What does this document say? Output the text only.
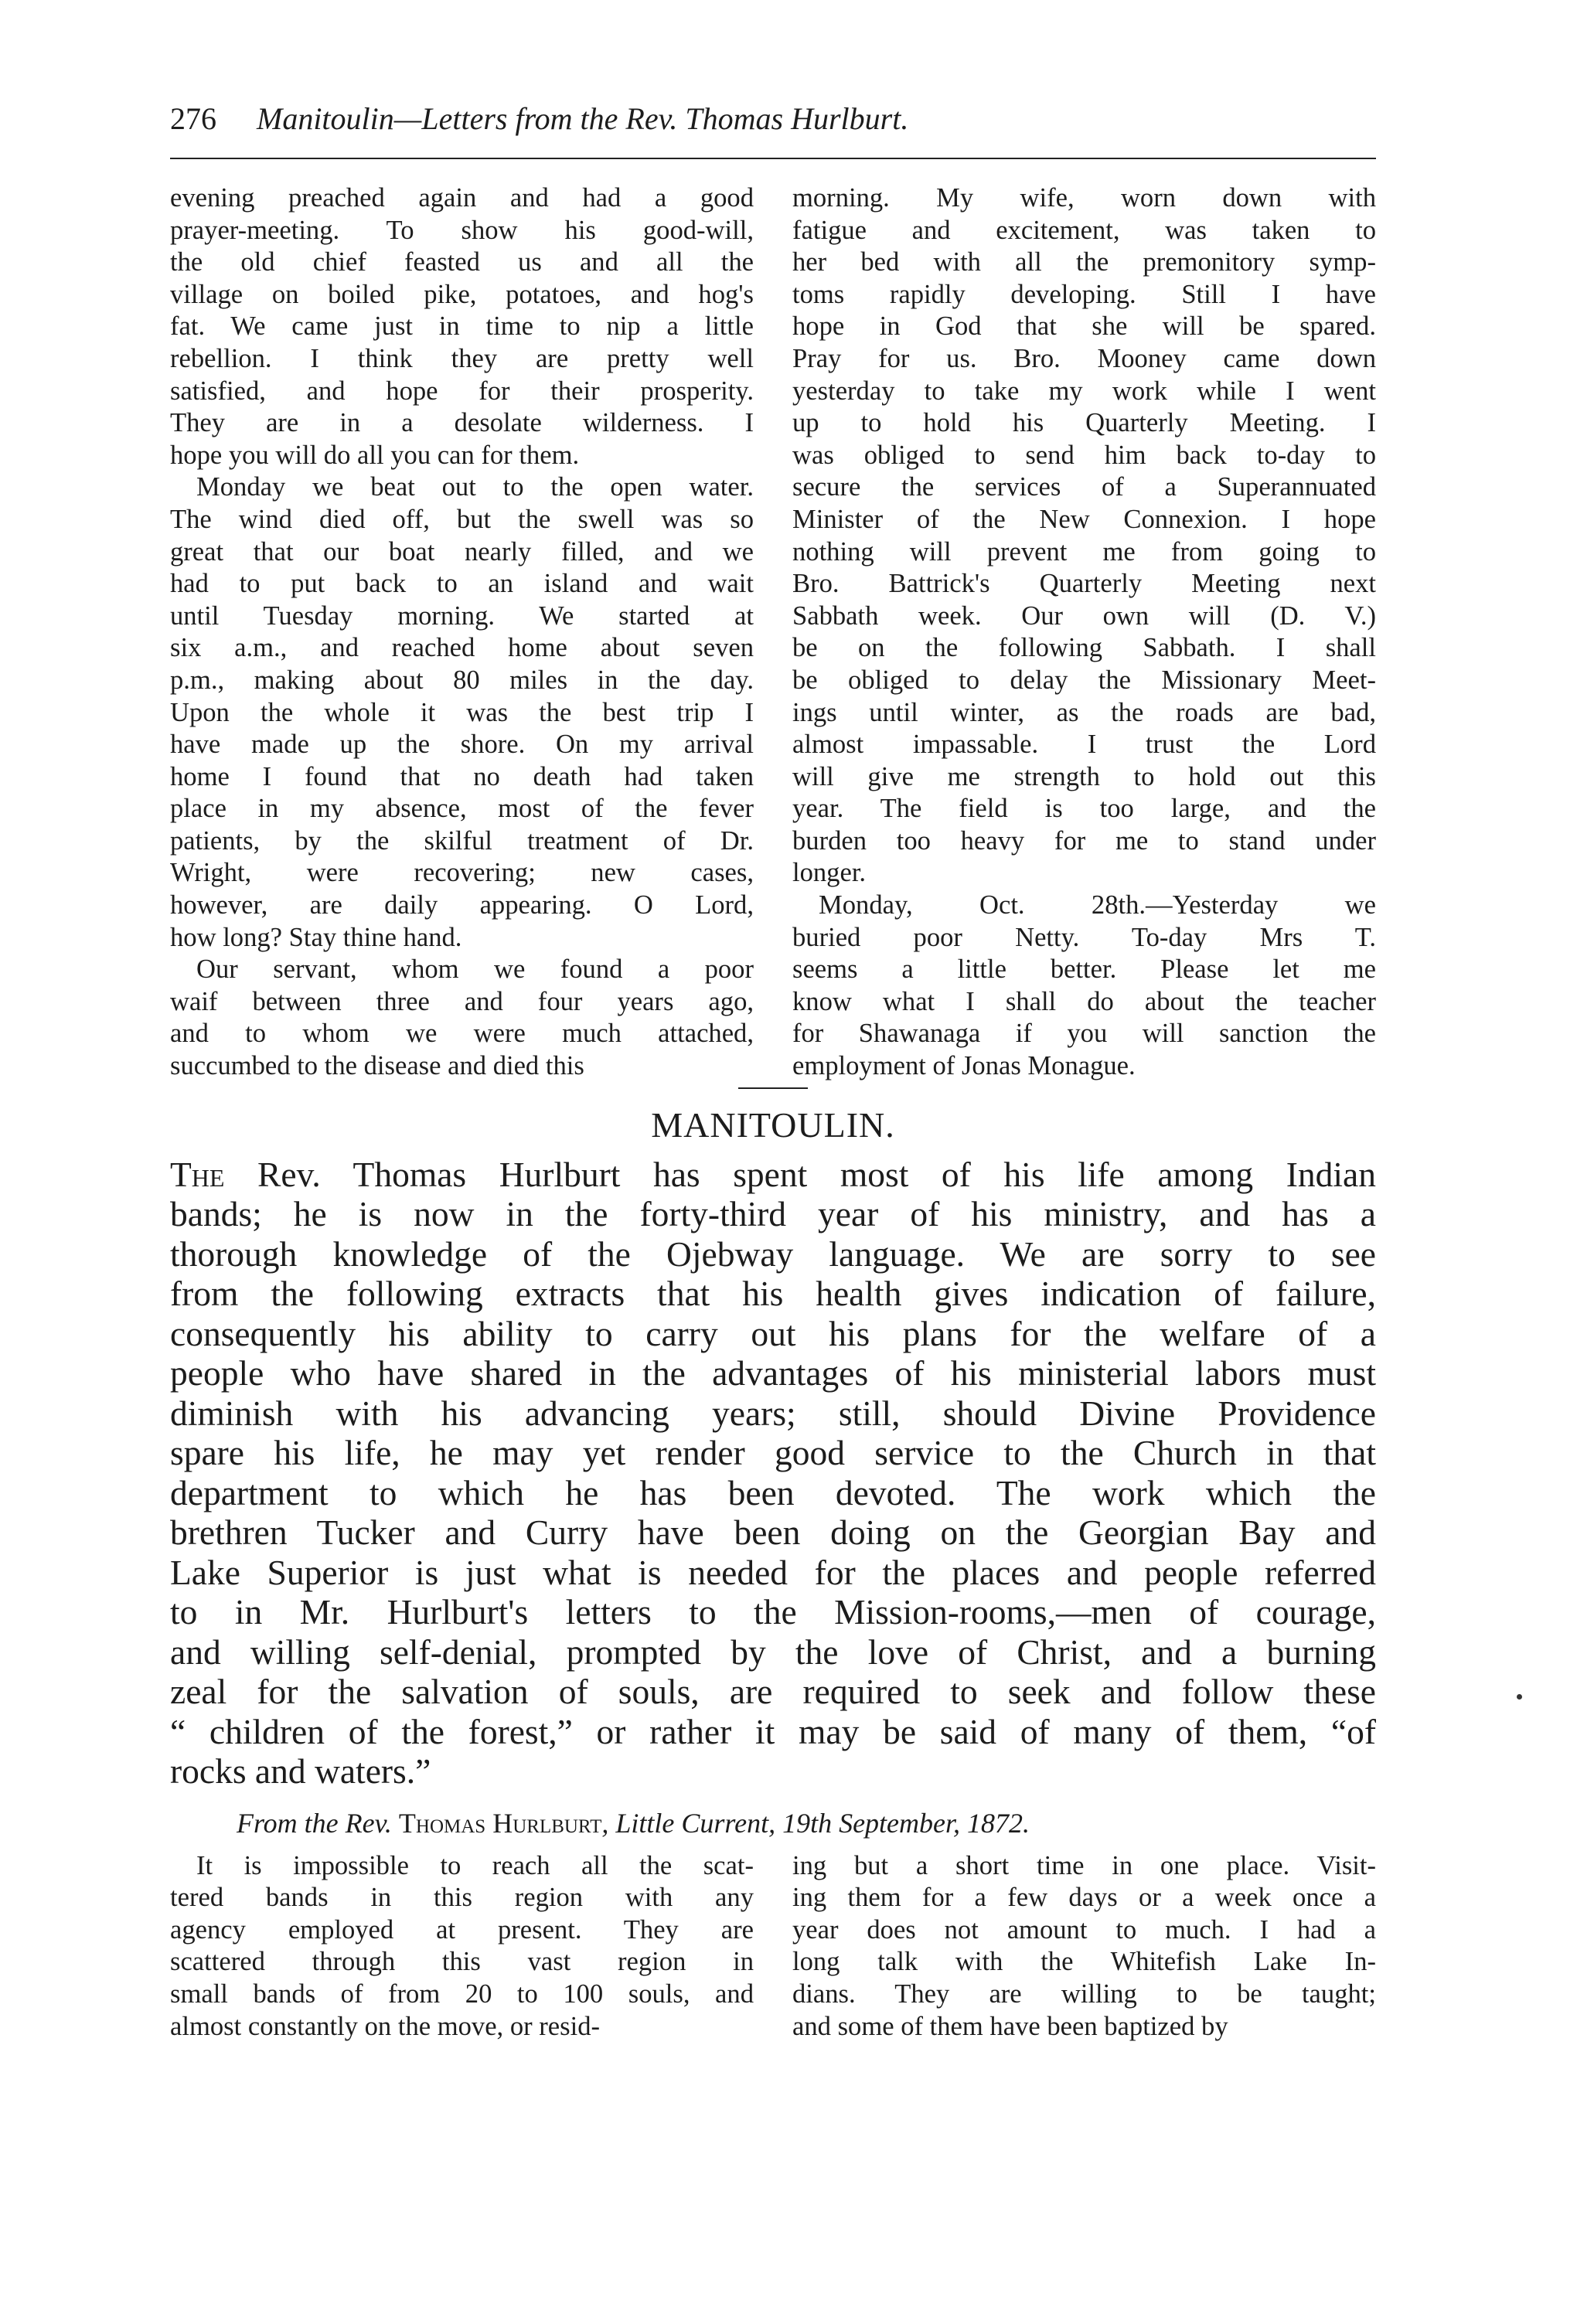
276 Manitoulin—Letters from the Rev. Thomas Hurlburt.
evening preached again and had a good
prayer-meeting. To show his good-will,
the old chief feasted us and all the
village on boiled pike, potatoes, and hog's
fat. We came just in time to nip a little
rebellion. I think they are pretty well
satisfied, and hope for their prosperity.
They are in a desolate wilderness. I
hope you will do all you can for them.
Monday we beat out to the open water.
The wind died off, but the swell was so
great that our boat nearly filled, and we
had to put back to an island and wait
until Tuesday morning. We started at
six a.m., and reached home about seven
p.m., making about 80 miles in the day.
Upon the whole it was the best trip I
have made up the shore. On my arrival
home I found that no death had taken
place in my absence, most of the fever
patients, by the skilful treatment of Dr.
Wright, were recovering; new cases,
however, are daily appearing. O Lord,
how long? Stay thine hand.
Our servant, whom we found a poor
waif between three and four years ago,
and to whom we were much attached,
succumbed to the disease and died this
morning. My wife, worn down with
fatigue and excitement, was taken to
her bed with all the premonitory symp-
toms rapidly developing. Still I have
hope in God that she will be spared.
Pray for us. Bro. Mooney came down
yesterday to take my work while I went
up to hold his Quarterly Meeting. I
was obliged to send him back to-day to
secure the services of a Superannuated
Minister of the New Connexion. I hope
nothing will prevent me from going to
Bro. Battrick's Quarterly Meeting next
Sabbath week. Our own will (D. V.)
be on the following Sabbath. I shall
be obliged to delay the Missionary Meet-
ings until winter, as the roads are bad,
almost impassable. I trust the Lord
will give me strength to hold out this
year. The field is too large, and the
burden too heavy for me to stand under
longer.
Monday, Oct. 28th.—Yesterday we
buried poor Netty. To-day Mrs T.
seems a little better. Please let me
know what I shall do about the teacher
for Shawanaga if you will sanction the
employment of Jonas Monague.
MANITOULIN.
The Rev. Thomas Hurlburt has spent most of his life among Indian
bands; he is now in the forty-third year of his ministry, and has a
thorough knowledge of the Ojebway language. We are sorry to see
from the following extracts that his health gives indication of failure,
consequently his ability to carry out his plans for the welfare of a
people who have shared in the advantages of his ministerial labors must
diminish with his advancing years; still, should Divine Providence
spare his life, he may yet render good service to the Church in that
department to which he has been devoted. The work which the
brethren Tucker and Curry have been doing on the Georgian Bay and
Lake Superior is just what is needed for the places and people referred
to in Mr. Hurlburt's letters to the Mission-rooms,—men of courage,
and willing self-denial, prompted by the love of Christ, and a burning
zeal for the salvation of souls, are required to seek and follow these
“ children of the forest,” or rather it may be said of many of them, “of
rocks and waters.”
From the Rev. Thomas Hurlburt, Little Current, 19th September, 1872.
It is impossible to reach all the scat-
tered bands in this region with any
agency employed at present. They are
scattered through this vast region in
small bands of from 20 to 100 souls, and
almost constantly on the move, or resid-
ing but a short time in one place. Visit-
ing them for a few days or a week once a
year does not amount to much. I had a
long talk with the Whitefish Lake In-
dians. They are willing to be taught;
and some of them have been baptized by
